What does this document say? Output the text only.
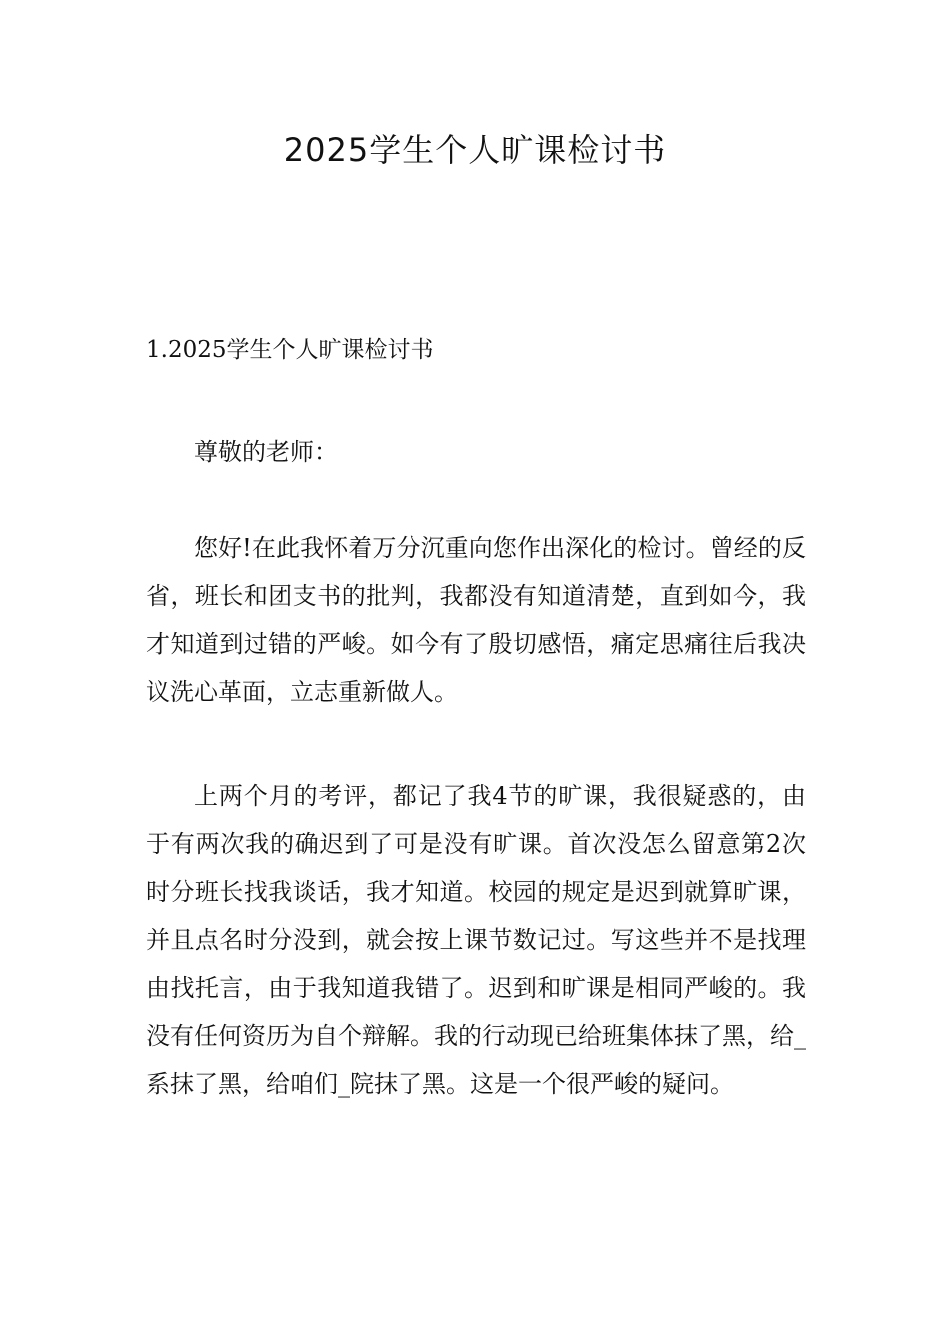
2025学生个人旷课检讨书
1.2025学生个人旷课检讨书

尊敬的老师：

您好!在此我怀着万分沉重向您作出深化的检讨。曾经的反省，班长和团支书的批判，我都没有知道清楚，直到如今，我才知道到过错的严峻。如今有了殷切感悟，痛定思痛往后我决议洗心革面，立志重新做人。

上两个月的考评，都记了我4节的旷课，我很疑惑的，由于有两次我的确迟到了可是没有旷课。首次没怎么留意第2次时分班长找我谈话，我才知道。校园的规定是迟到就算旷课，并且点名时分没到，就会按上课节数记过。写这些并不是找理由找托言，由于我知道我错了。迟到和旷课是相同严峻的。我没有任何资历为自个辩解。我的行动现已给班集体抹了黑，给_系抹了黑，给咱们_院抹了黑。这是一个很严峻的疑问。
